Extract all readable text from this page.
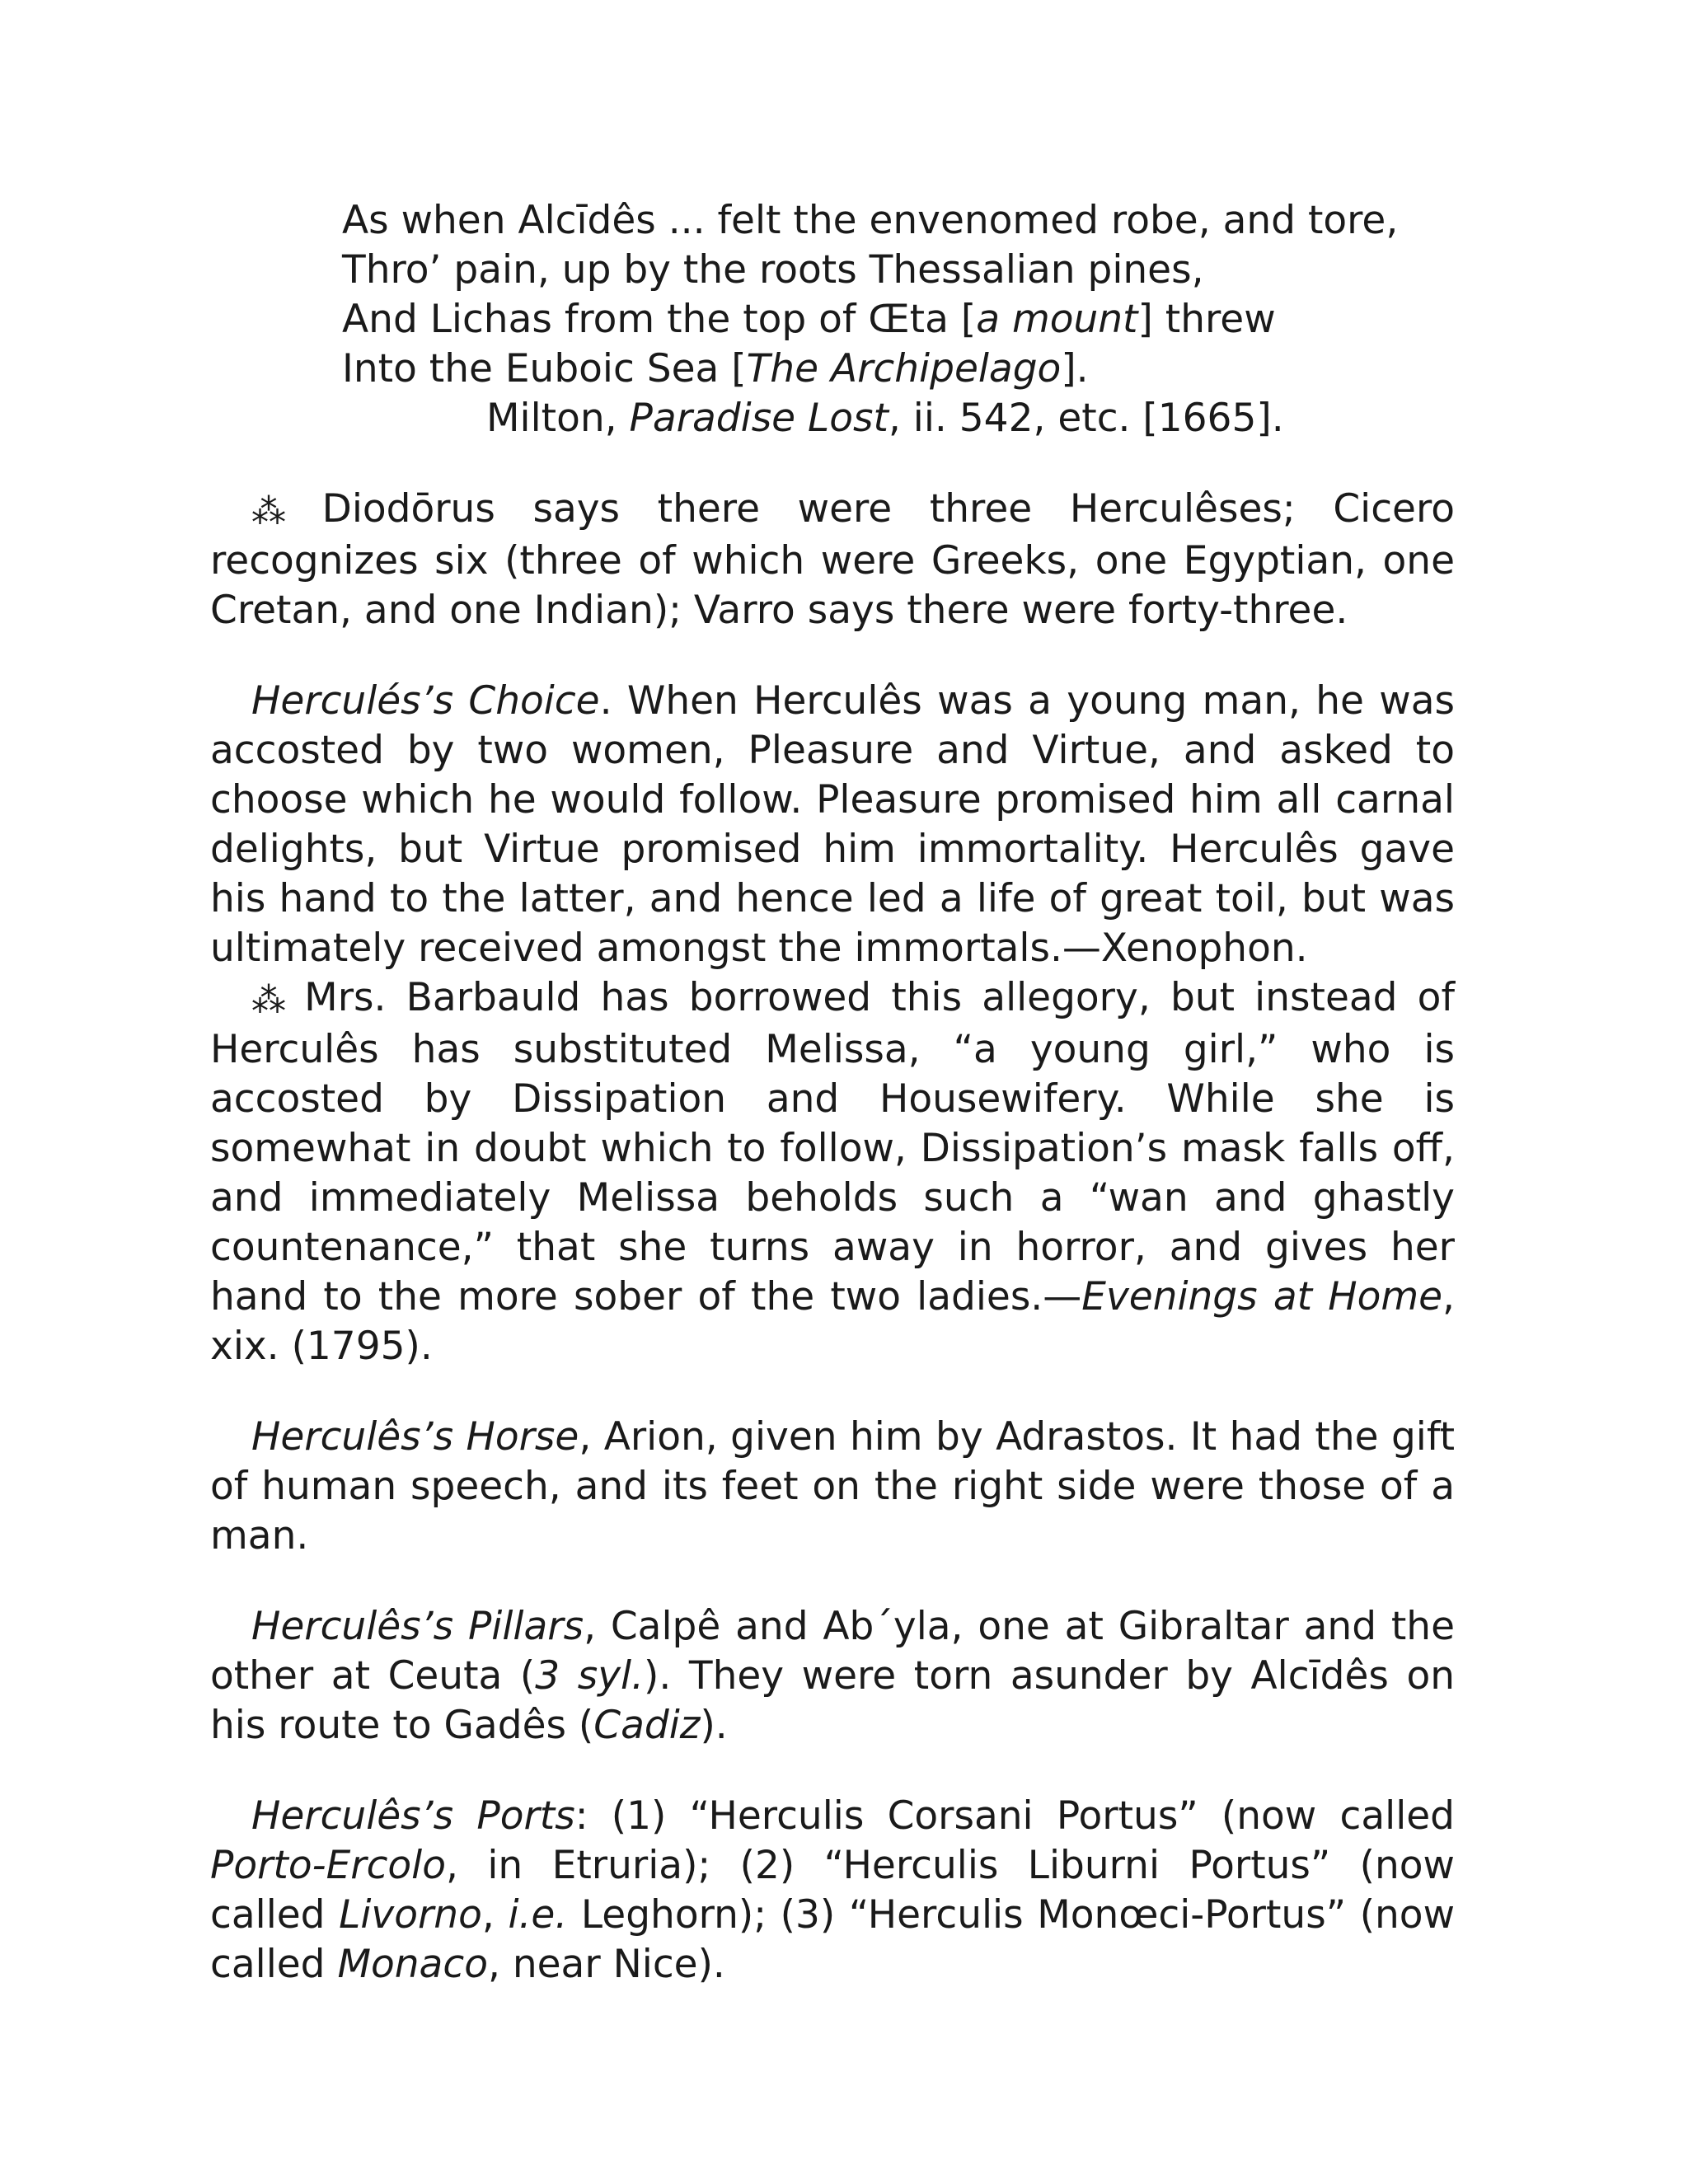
As when Alcīdês ... felt the envenomed robe, and tore,
Thro’ pain, up by the roots Thessalian pines,
And Lichas from the top of Œta [a mount] threw
Into the Euboic Sea [The Archipelago].
Milton, Paradise Lost, ii. 542, etc. [1665].

⁂ Diodōrus says there were three Herculêses; Cicero recognizes six (three of which were Greeks, one Egyptian, one Cretan, and one Indian); Varro says there were forty-three.

Herculés’s Choice. When Herculês was a young man, he was accosted by two women, Pleasure and Virtue, and asked to choose which he would follow. Pleasure promised him all carnal delights, but Virtue promised him immortality. Herculês gave his hand to the latter, and hence led a life of great toil, but was ultimately received amongst the immortals.—Xenophon.

⁂ Mrs. Barbauld has borrowed this allegory, but instead of Herculês has substituted Melissa, “a young girl,” who is accosted by Dissipation and Housewifery. While she is somewhat in doubt which to follow, Dissipation’s mask falls off, and immediately Melissa beholds such a “wan and ghastly countenance,” that she turns away in horror, and gives her hand to the more sober of the two ladies.—Evenings at Home, xix. (1795).

Herculês’s Horse, Arion, given him by Adrastos. It had the gift of human speech, and its feet on the right side were those of a man.

Herculês’s Pillars, Calpê and Ab´yla, one at Gibraltar and the other at Ceuta (3 syl.). They were torn asunder by Alcīdês on his route to Gadês (Cadiz).

Herculês’s Ports: (1) “Herculis Corsani Portus” (now called Porto-Ercolo, in Etruria); (2) “Herculis Liburni Portus” (now called Livorno, i.e. Leghorn); (3) “Herculis Monœci-Portus” (now called Monaco, near Nice).
